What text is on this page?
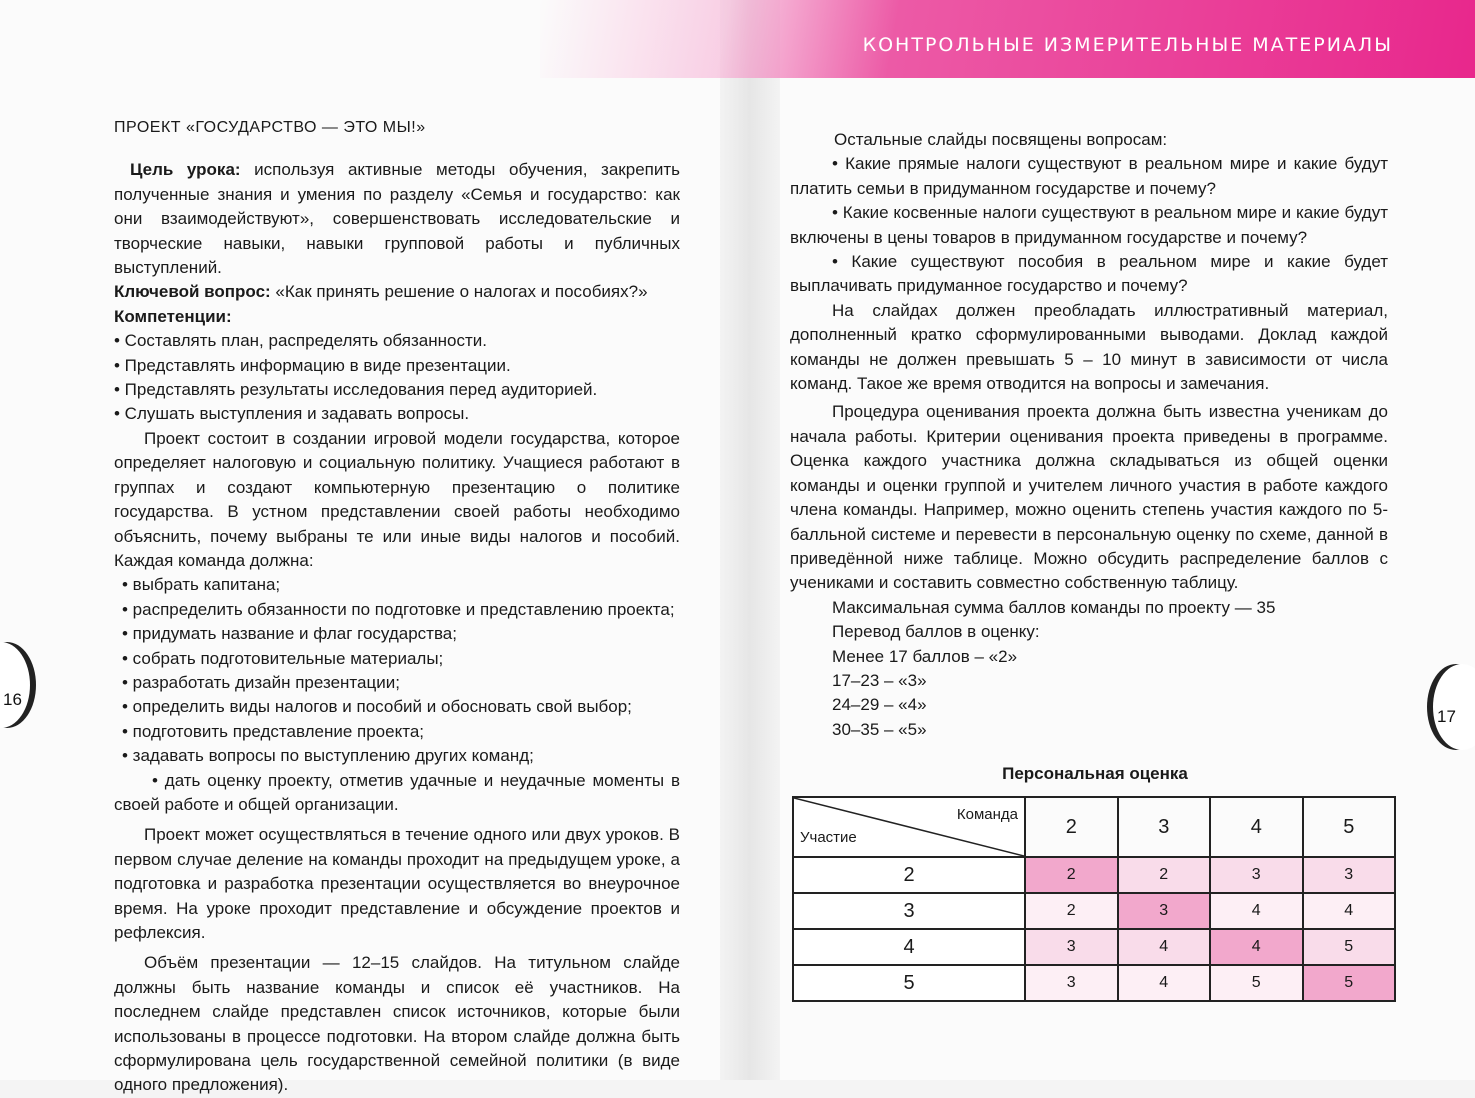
КОНТРОЛЬНЫЕ ИЗМЕРИТЕЛЬНЫЕ МАТЕРИАЛЫ
16
17

ПРОЕКТ «ГОСУДАРСТВО — ЭТО МЫ!»

Цель урока: используя активные методы обучения, закрепить полученные знания и умения по разделу «Семья и государство: как они взаимодействуют», совершенствовать исследовательские и творческие навыки, навыки групповой работы и публичных выступлений.

Ключевой вопрос: «Как принять решение о налогах и пособиях?»

Компетенции:

• Составлять план, распределять обязанности.

• Представлять информацию в виде презентации.

• Представлять результаты исследования перед аудиторией.

• Слушать выступления и задавать вопросы.

Проект состоит в создании игровой модели государства, которое определяет налоговую и социальную политику. Учащиеся работают в группах и создают компьютерную презентацию о политике государства. В устном представлении своей работы необходимо объяснить, почему выбраны те или иные виды налогов и пособий. Каждая команда должна:

• выбрать капитана;

• распределить обязанности по подготовке и представлению проекта;

• придумать название и флаг государства;

• собрать подготовительные материалы;

• разработать дизайн презентации;

• определить виды налогов и пособий и обосновать свой выбор;

• подготовить представление проекта;

• задавать вопросы по выступлению других команд;

• дать оценку проекту, отметив удачные и неудачные моменты в своей работе и общей организации.

Проект может осуществляться в течение одного или двух уроков. В первом случае деление на команды проходит на предыдущем уроке, а подготовка и разработка презентации осуществляется во внеурочное время. На уроке проходит представление и обсуждение проектов и рефлексия.

Объём презентации — 12–15 слайдов. На титульном слайде должны быть название команды и список её участников. На последнем слайде представлен список источников, которые были использованы в процессе подготовки. На втором слайде должна быть сформулирована цель государственной семейной политики (в виде одного предложения).

Остальные слайды посвящены вопросам:

• Какие прямые налоги существуют в реальном мире и какие будут платить семьи в придуманном государстве и почему?

• Какие косвенные налоги существуют в реальном мире и какие будут включены в цены товаров в придуманном государстве и почему?

• Какие существуют пособия в реальном мире и какие будет выплачивать придуманное государство и почему?

На слайдах должен преобладать иллюстративный материал, дополненный кратко сформулированными выводами. Доклад каждой команды не должен превышать 5 – 10 минут в зависимости от числа команд. Такое же время отводится на вопросы и замечания.

Процедура оценивания проекта должна быть известна ученикам до начала работы. Критерии оценивания проекта приведены в программе. Оценка каждого участника должна складываться из общей оценки команды и оценки группой и учителем личного участия в работе каждого члена команды. Например, можно оценить степень участия каждого по 5-балльной системе и перевести в персональную оценку по схеме, данной в приведённой ниже таблице. Можно обсудить распределение баллов с учениками и составить совместно собственную таблицу.

Максимальная сумма баллов команды по проекту — 35

Перевод баллов в оценку:

Менее 17 баллов – «2»

17–23 – «3»

24–29 – «4»

30–35 – «5»

Персональная оценка
Команда
Участие	2	3	4	5
2	2	2	3	3
3	2	3	4	4
4	3	4	4	5
5	3	4	5	5
